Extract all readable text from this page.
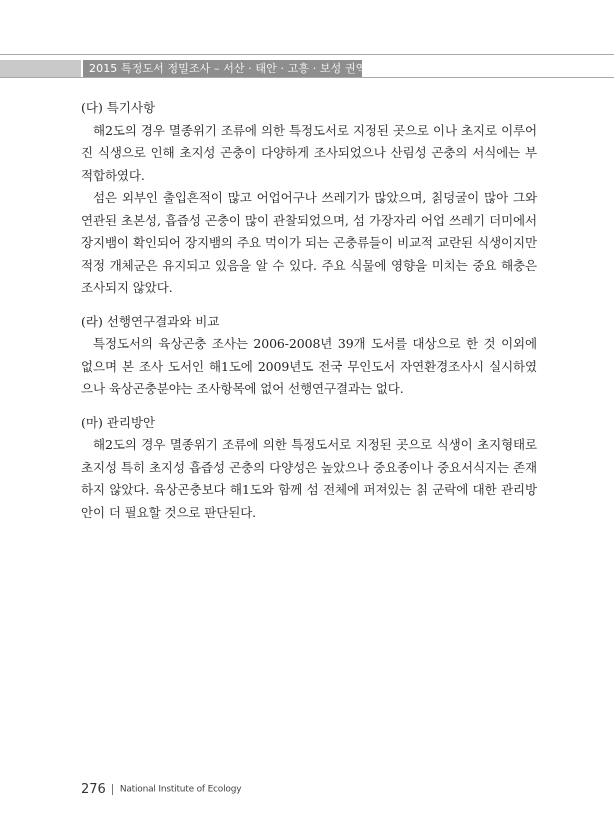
2015 특정도서 정밀조사 – 서산 · 태안 · 고흥 · 보성 권역

(다) 특기사항

해2도의 경우 멸종위기 조류에 의한 특정도서로 지정된 곳으로 이나 초지로 이루어진 식생으로 인해 초지성 곤충이 다양하게 조사되었으나 산림성 곤충의 서식에는 부적합하였다.

섬은 외부인 출입흔적이 많고 어업어구나 쓰레기가 많았으며, 칡덩굴이 많아 그와 연관된 초본성, 흡즙성 곤충이 많이 관찰되었으며, 섬 가장자리 어업 쓰레기 더미에서 장지뱀이 확인되어 장지뱀의 주요 먹이가 되는 곤충류들이 비교적 교란된 식생이지만 적정 개체군은 유지되고 있음을 알 수 있다. 주요 식물에 영향을 미치는 중요 해충은 조사되지 않았다.

(라) 선행연구결과와 비교

특정도서의 육상곤충 조사는 2006-2008년 39개 도서를 대상으로 한 것 이외에 없으며 본 조사 도서인 해1도에 2009년도 전국 무인도서 자연환경조사시 실시하였으나 육상곤충분야는 조사항목에 없어 선행연구결과는 없다.

(마) 관리방안

해2도의 경우 멸종위기 조류에 의한 특정도서로 지정된 곳으로 식생이 초지형태로 초지성 특히 초지성 흡즙성 곤충의 다양성은 높았으나 중요종이나 중요서식지는 존재하지 않았다. 육상곤충보다 해1도와 함께 섬 전체에 퍼져있는 칡 군락에 대한 관리방안이 더 필요할 것으로 판단된다.

276 National Institute of Ecology
